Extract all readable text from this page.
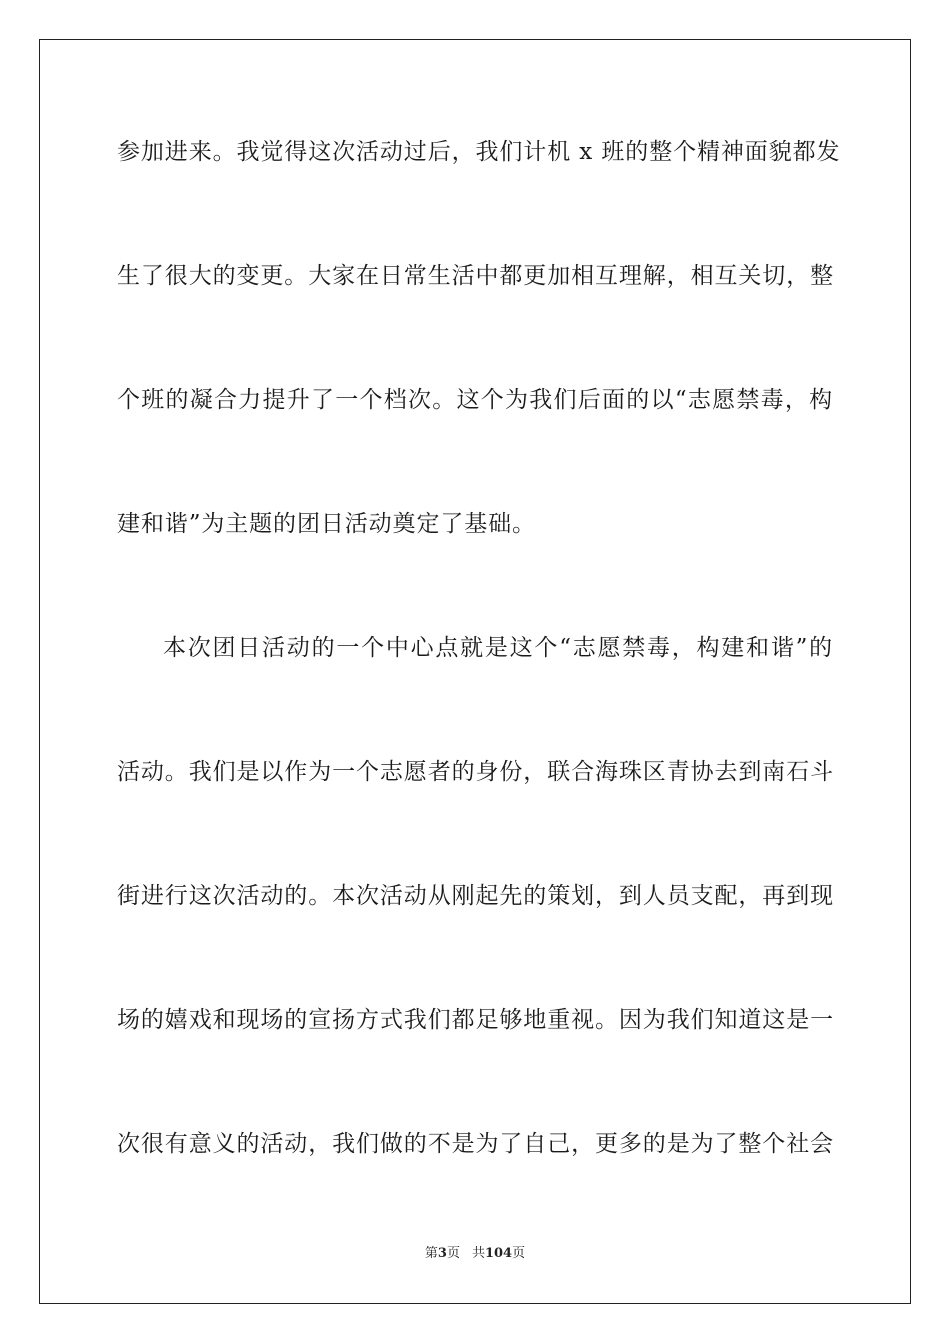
参加进来。我觉得这次活动过后，我们计机 x 班的整个精神面貌都发
生了很大的变更。大家在日常生活中都更加相互理解，相互关切，整
个班的凝合力提升了一个档次。这个为我们后面的以“志愿禁毒，构
建和谐”为主题的团日活动奠定了基础。
本次团日活动的一个中心点就是这个“志愿禁毒，构建和谐”的
活动。我们是以作为一个志愿者的身份，联合海珠区青协去到南石斗
街进行这次活动的。本次活动从刚起先的策划，到人员支配，再到现
场的嬉戏和现场的宣扬方式我们都足够地重视。因为我们知道这是一
次很有意义的活动，我们做的不是为了自己，更多的是为了整个社会
第3页 共104页
